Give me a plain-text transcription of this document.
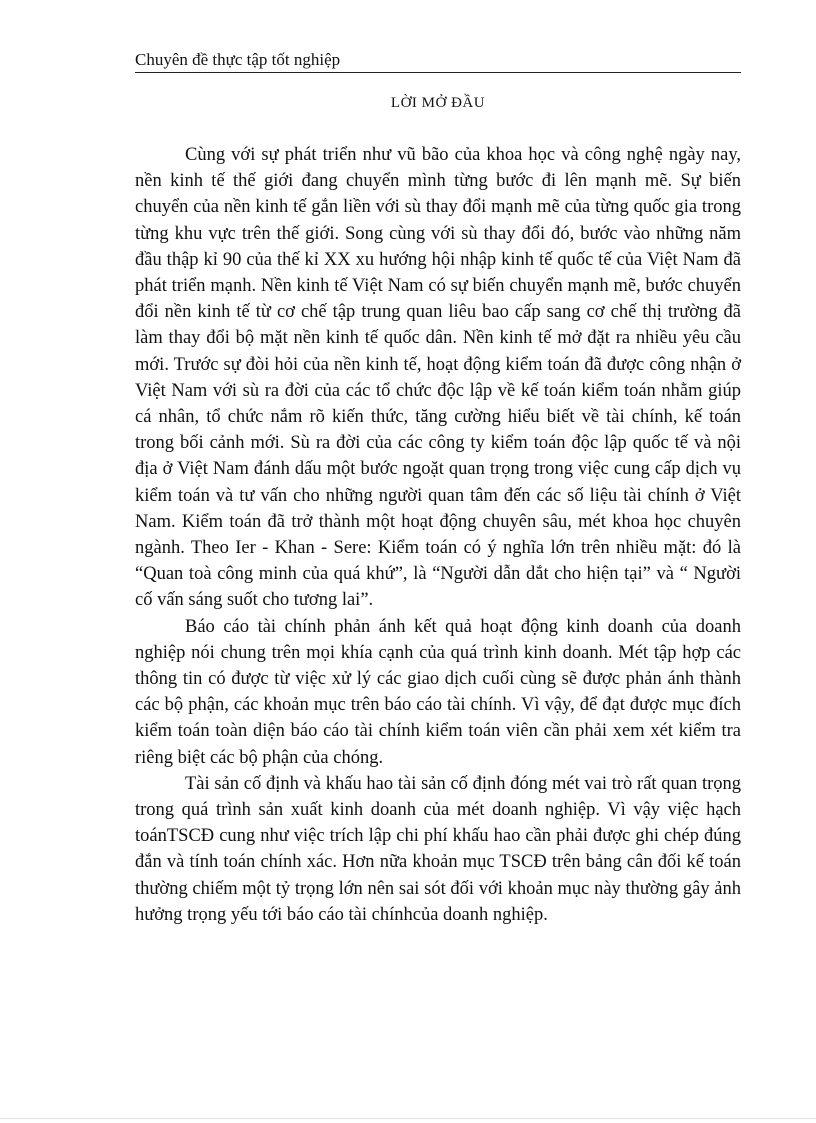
Chuyên đề thực tập tốt nghiệp
LỜI MỞ ĐẦU

Cùng với sự phát triển như vũ bão của khoa học và công nghệ ngày nay, nền kinh tế thế giới đang chuyển mình từng bước đi lên mạnh mẽ. Sự biến chuyển của nền kinh tế gắn liền với sù thay đổi mạnh mẽ của từng quốc gia trong từng khu vực trên thế giới. Song cùng với sù thay đổi đó, bước vào những năm đầu thập kỉ 90 của thế kỉ XX xu hướng hội nhập kinh tế quốc tế của Việt Nam đã phát triển mạnh. Nền kinh tế Việt Nam có sự biến chuyển mạnh mẽ, bước chuyển đổi nền kinh tế từ cơ chế tập trung quan liêu bao cấp sang cơ chế thị trường đã làm thay đổi bộ mặt nền kinh tế quốc dân. Nền kinh tế mở đặt ra nhiều yêu cầu mới. Trước sự đòi hỏi của nền kinh tế, hoạt động kiểm toán đã được công nhận ở Việt Nam với sù ra đời của các tổ chức độc lập về kế toán kiểm toán nhằm giúp cá nhân, tổ chức nắm rõ kiến thức, tăng cường hiểu biết về tài chính, kế toán trong bối cảnh mới. Sù ra đời của các công ty kiểm toán độc lập quốc tế và nội địa ở Việt Nam đánh dấu một bước ngoặt quan trọng trong việc cung cấp dịch vụ kiểm toán và tư vấn cho những người quan tâm đến các số liệu tài chính ở Việt Nam. Kiểm toán đã trở thành một hoạt động chuyên sâu, mét khoa học chuyên ngành. Theo Ier - Khan - Sere: Kiểm toán có ý nghĩa lớn trên nhiều mặt: đó là “Quan toà công minh của quá khứ”, là “Người dẫn dắt cho hiện tại” và “ Người cố vấn sáng suốt cho tương lai”.

Báo cáo tài chính phản ánh kết quả hoạt động kinh doanh của doanh nghiệp nói chung trên mọi khía cạnh của quá trình kinh doanh. Mét tập hợp các thông tin có được từ việc xử lý các giao dịch cuối cùng sẽ được phản ánh thành các bộ phận, các khoản mục trên báo cáo tài chính. Vì vậy, để đạt được mục đích kiểm toán toàn diện báo cáo tài chính kiểm toán viên cần phải xem xét kiểm tra riêng biệt các bộ phận của chóng.

Tài sản cố định và khấu hao tài sản cố định đóng mét vai trò rất quan trọng trong quá trình sản xuất kinh doanh của mét doanh nghiệp. Vì vậy việc hạch toánTSCĐ cung như việc trích lập chi phí khấu hao cần phải được ghi chép đúng đắn và tính toán chính xác. Hơn nữa khoản mục TSCĐ trên bảng cân đối kế toán thường chiếm một tỷ trọng lớn nên sai sót đối với khoản mục này thường gây ảnh hưởng trọng yếu tới báo cáo tài chínhcủa doanh nghiệp.
